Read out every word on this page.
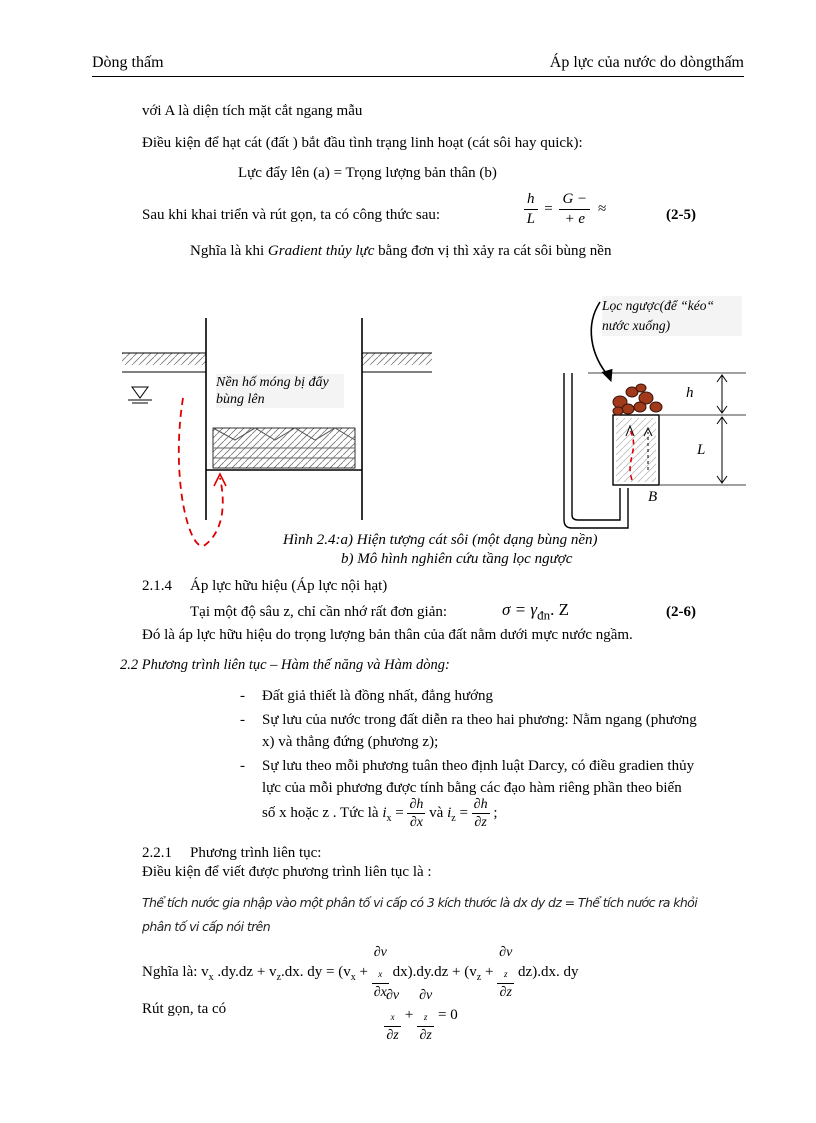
Dòng thấm	Áp lực của nước do dòngthấm
với A là diện tích mặt cắt ngang mẫu
Điều kiện để hạt cát (đất ) bắt đầu tình trạng linh hoạt (cát sôi hay quick):
Lực đẩy lên (a) = Trọng lượng bản thân (b)
Sau khi khai triển và rút gọn, ta có công thức sau:	$\frac{h}{L} = \frac{G -}{+ e}$ ≈	(2-5)
Nghĩa là khi Gradient thủy lực bằng đơn vị thì xảy ra cát sôi bùng nền
Nền hố móng bị đẩy bùng lên
Lọc ngược(để “kéo“ nước xuống)
h
L
B
Hình 2.4:a) Hiện tượng cát sôi (một dạng bùng nền)
b) Mô hình nghiên cứu tầng lọc ngược
2.1.4 Áp lực hữu hiệu (Áp lực nội hạt)
Tại một độ sâu z, chỉ cần nhớ rất đơn giản:	$\sigma = \gamma_{đn}$. Z	(2-6)
Đó là áp lực hữu hiệu do trọng lượng bản thân của đất nằm dưới mực nước ngầm.
2.2 Phương trình liên tục – Hàm thế năng và Hàm dòng:
- Đất giả thiết là đồng nhất, đẳng hướng
- Sự lưu của nước trong đất diễn ra theo hai phương: Nằm ngang (phương
x) và thẳng đứng (phương z);
- Sự lưu theo mỗi phương tuân theo định luật Darcy, có điều gradien thủy
lực của mỗi phương được tính bằng các đạo hàm riêng phần theo biến
số x hoặc z . Tức là $i_x = \frac{\partial h}{\partial x}$ và $i_z = \frac{\partial h}{\partial z}$ ;
2.2.1 Phương trình liên tục:
Điều kiện để viết được phương trình liên tục là :
Thể tích nước gia nhập vào một phân tố vi cấp có 3 kích thước là dx dy dz = Thể tích nước ra khỏi
phân tố vi cấp nói trên
Nghĩa là: $v_x$ $.dy.dz + v_z.dx$. dy = ($v_x + \partial v$
$_x$
∂x $dx).dy.dz + (v_z + \partial v$
$_z$
∂z dz).dx. dy
Rút gọn, ta có	∂v
$_x$
∂z + ∂v
$_z$
∂z = 0
